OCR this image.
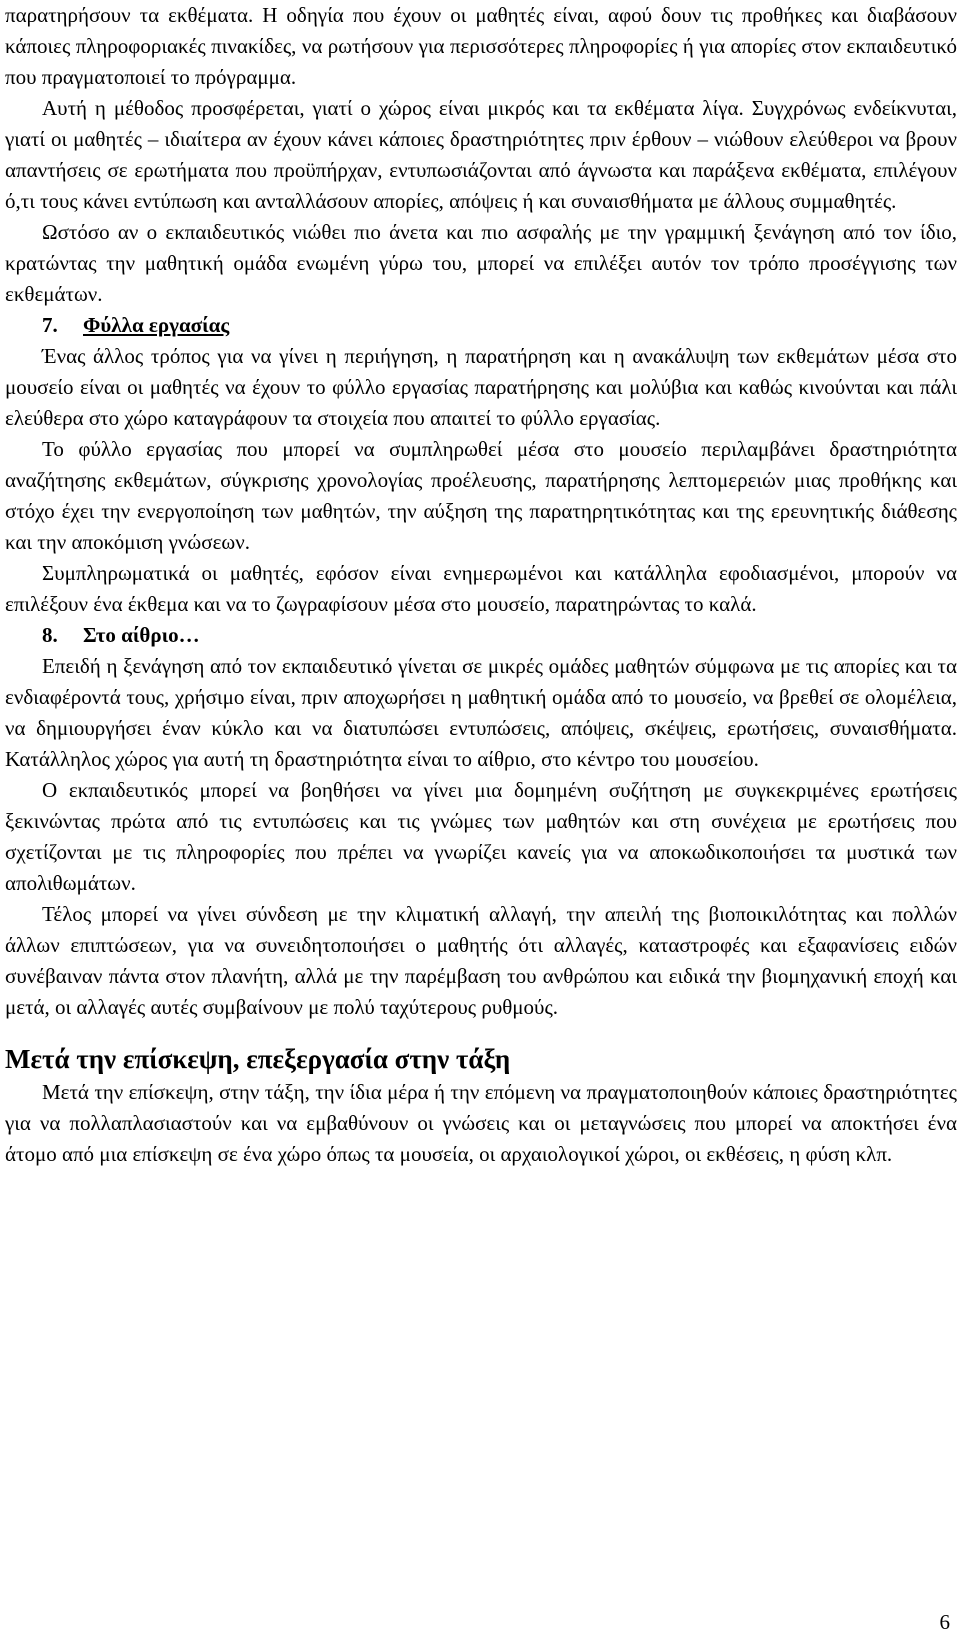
παρατηρήσουν τα εκθέματα. Η οδηγία που έχουν οι μαθητές είναι, αφού δουν τις προθήκες και διαβάσουν κάποιες πληροφοριακές πινακίδες, να ρωτήσουν για περισσότερες πληροφορίες ή για απορίες στον εκπαιδευτικό που πραγματοποιεί το πρόγραμμα.

Αυτή η μέθοδος προσφέρεται, γιατί ο χώρος είναι μικρός και τα εκθέματα λίγα. Συγχρόνως ενδείκνυται, γιατί οι μαθητές – ιδιαίτερα αν έχουν κάνει κάποιες δραστηριότητες πριν έρθουν – νιώθουν ελεύθεροι να βρουν απαντήσεις σε ερωτήματα που προϋπήρχαν, εντυπωσιάζονται από άγνωστα και παράξενα εκθέματα, επιλέγουν ό,τι τους κάνει εντύπωση και ανταλλάσουν απορίες, απόψεις ή και συναισθήματα με άλλους συμμαθητές.

Ωστόσο αν ο εκπαιδευτικός νιώθει πιο άνετα και πιο ασφαλής με την γραμμική ξενάγηση από τον ίδιο, κρατώντας την μαθητική ομάδα ενωμένη γύρω του, μπορεί να επιλέξει αυτόν τον τρόπο προσέγγισης των εκθεμάτων.

7. Φύλλα εργασίας

Ένας άλλος τρόπος για να γίνει η περιήγηση, η παρατήρηση και η ανακάλυψη των εκθεμάτων μέσα στο μουσείο είναι οι μαθητές να έχουν το φύλλο εργασίας παρατήρησης και μολύβια και καθώς κινούνται και πάλι ελεύθερα στο χώρο καταγράφουν τα στοιχεία που απαιτεί το φύλλο εργασίας.

Το φύλλο εργασίας που μπορεί να συμπληρωθεί μέσα στο μουσείο περιλαμβάνει δραστηριότητα αναζήτησης εκθεμάτων, σύγκρισης χρονολογίας προέλευσης, παρατήρησης λεπτομερειών μιας προθήκης και στόχο έχει την ενεργοποίηση των μαθητών, την αύξηση της παρατηρητικότητας και της ερευνητικής διάθεσης και την αποκόμιση γνώσεων.

Συμπληρωματικά οι μαθητές, εφόσον είναι ενημερωμένοι και κατάλληλα εφοδιασμένοι, μπορούν να επιλέξουν ένα έκθεμα και να το ζωγραφίσουν μέσα στο μουσείο, παρατηρώντας το καλά.

8. Στο αίθριο…

Επειδή η ξενάγηση από τον εκπαιδευτικό γίνεται σε μικρές ομάδες μαθητών σύμφωνα με τις απορίες και τα ενδιαφέροντά τους, χρήσιμο είναι, πριν αποχωρήσει η μαθητική ομάδα από το μουσείο, να βρεθεί σε ολομέλεια, να δημιουργήσει έναν κύκλο και να διατυπώσει εντυπώσεις, απόψεις, σκέψεις, ερωτήσεις, συναισθήματα. Κατάλληλος χώρος για αυτή τη δραστηριότητα είναι το αίθριο, στο κέντρο του μουσείου.

Ο εκπαιδευτικός μπορεί να βοηθήσει να γίνει μια δομημένη συζήτηση με συγκεκριμένες ερωτήσεις ξεκινώντας πρώτα από τις εντυπώσεις και τις γνώμες των μαθητών και στη συνέχεια με ερωτήσεις που σχετίζονται με τις πληροφορίες που πρέπει να γνωρίζει κανείς για να αποκωδικοποιήσει τα μυστικά των απολιθωμάτων.

Τέλος μπορεί να γίνει σύνδεση με την κλιματική αλλαγή, την απειλή της βιοποικιλότητας και πολλών άλλων επιπτώσεων, για να συνειδητοποιήσει ο μαθητής ότι αλλαγές, καταστροφές και εξαφανίσεις ειδών συνέβαιναν πάντα στον πλανήτη, αλλά με την παρέμβαση του ανθρώπου και ειδικά την βιομηχανική εποχή και μετά, οι αλλαγές αυτές συμβαίνουν με πολύ ταχύτερους ρυθμούς.

Μετά την επίσκεψη, επεξεργασία στην τάξη

Μετά την επίσκεψη, στην τάξη, την ίδια μέρα ή την επόμενη να πραγματοποιηθούν κάποιες δραστηριότητες για να πολλαπλασιαστούν και να εμβαθύνουν οι γνώσεις και οι μεταγνώσεις που μπορεί να αποκτήσει ένα άτομο από μια επίσκεψη σε ένα χώρο όπως τα μουσεία, οι αρχαιολογικοί χώροι, οι εκθέσεις, η φύση κλπ.

6
